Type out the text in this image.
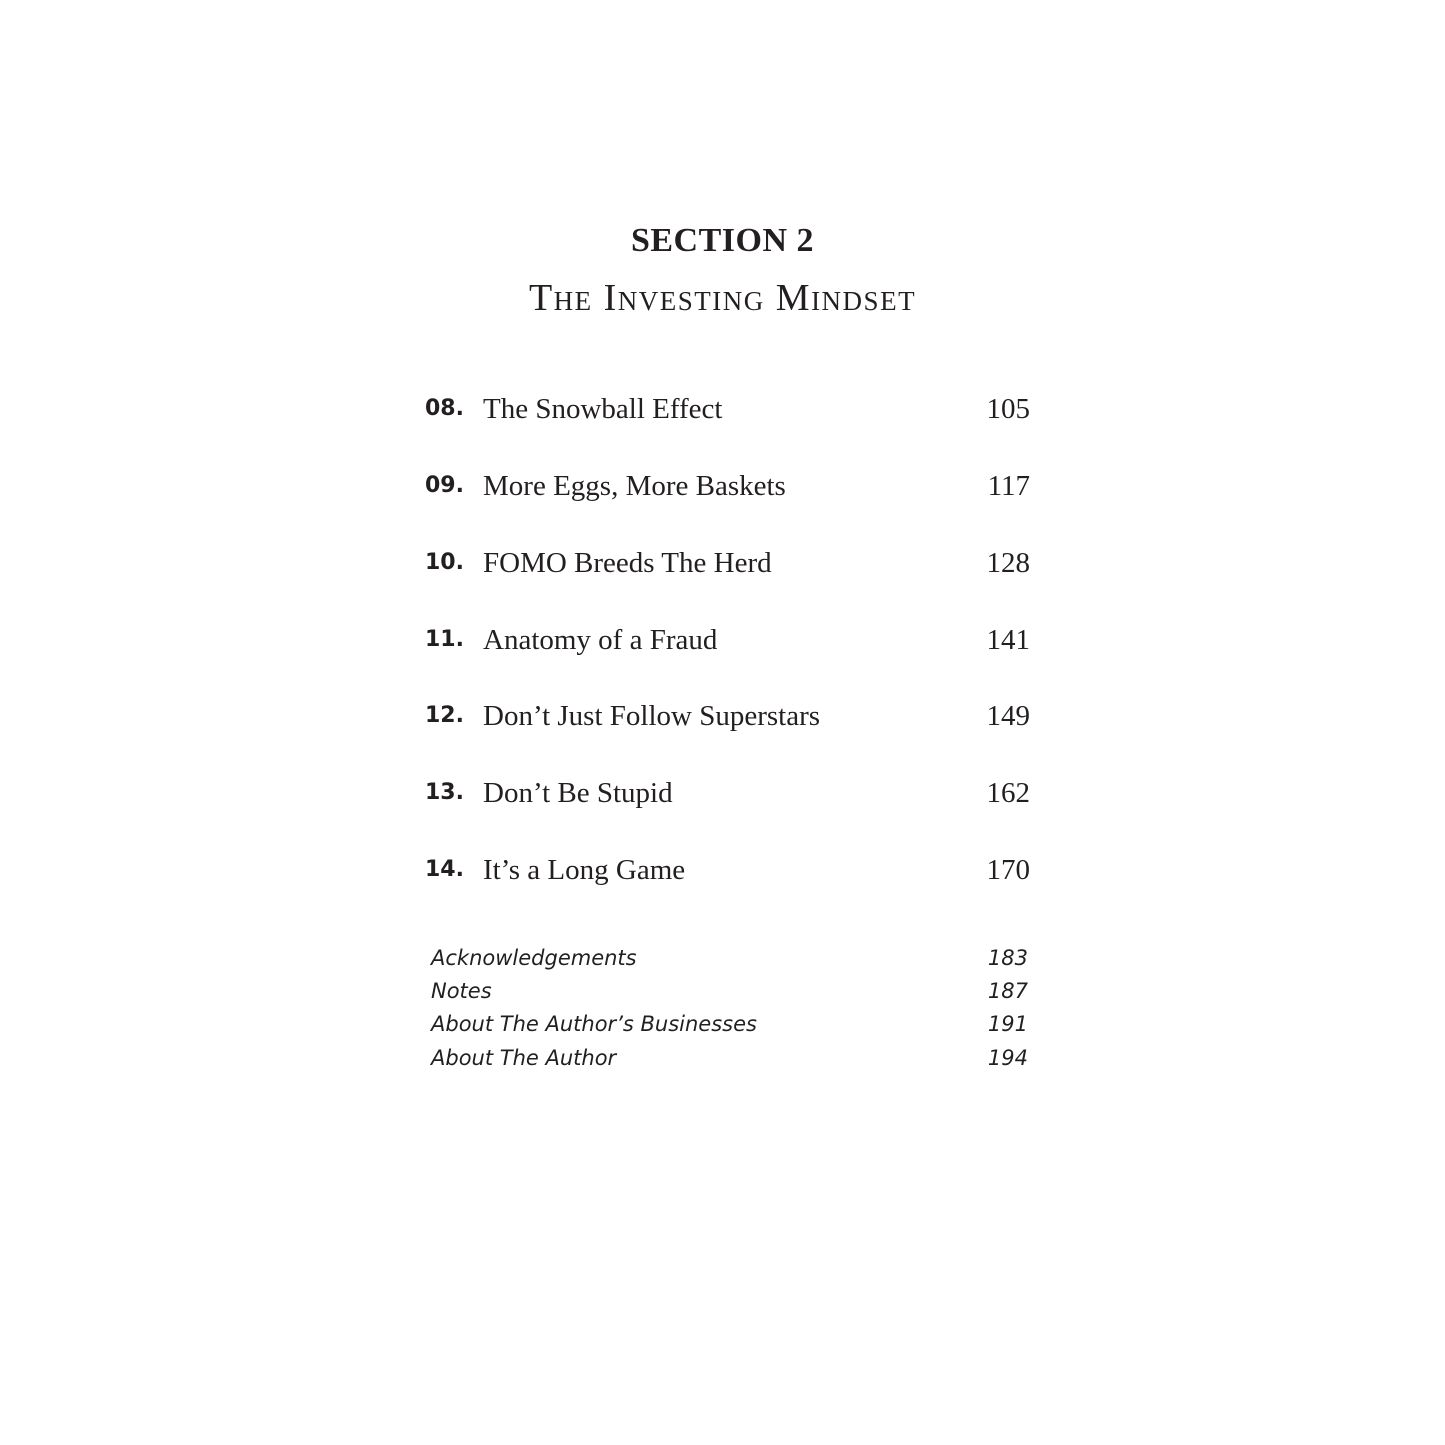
SECTION 2
The Investing Mindset
08. The Snowball Effect	105
09. More Eggs, More Baskets	117
10. FOMO Breeds The Herd	128
11. Anatomy of a Fraud	141
12. Don’t Just Follow Superstars	149
13. Don’t Be Stupid	162
14. It’s a Long Game	170
Acknowledgements	183
Notes	187
About The Author’s Businesses	191
About The Author	194
